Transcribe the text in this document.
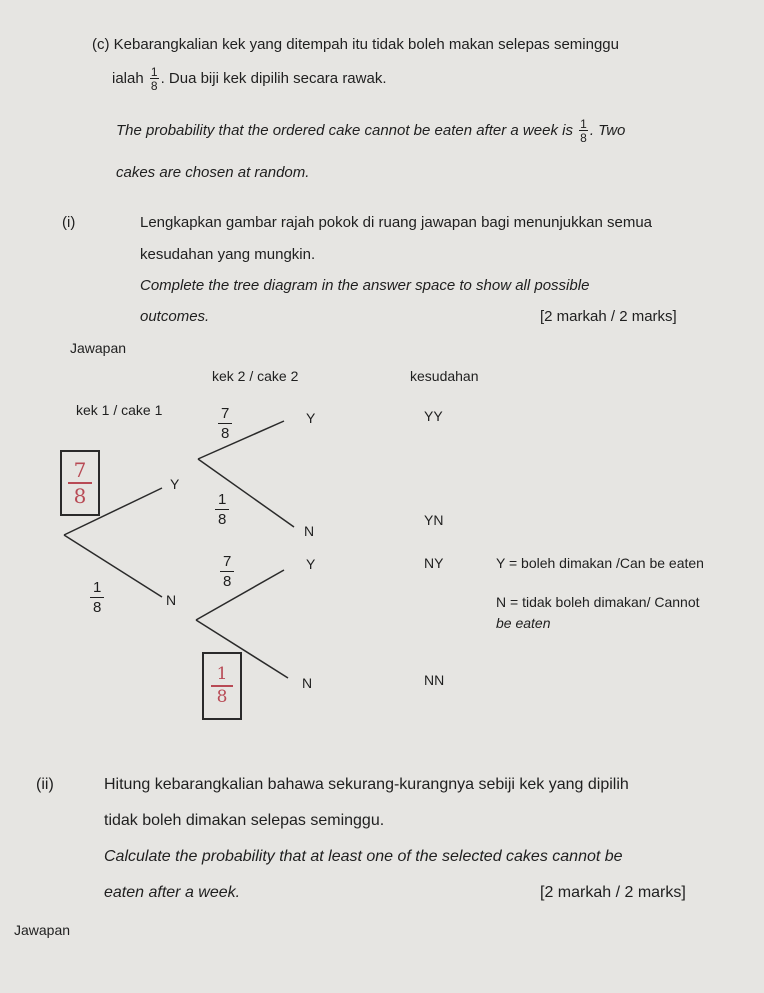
(c) Kebarangkalian kek yang ditempah itu tidak boleh makan selepas seminggu
ialah $\frac{1}{8}$ . Dua biji kek dipilih secara rawak.
The probability that the ordered cake cannot be eaten after a week is $\frac{1}{8}$ . Two
cakes are chosen at random.
(i)	Lengkapkan gambar rajah pokok di ruang jawapan bagi menunjukkan semua
kesudahan yang mungkin.
Complete the tree diagram in the answer space to show all possible
outcomes.	[2 markah / 2 marks]
Jawapan
kek 2 / cake 2	kesudahan
kek 1 / cake 1
$\frac{7}{8}$	Y
$\frac{1}{8}$	N
$\frac{7}{8}$	Y
$\frac{1}{8}$
N
$\frac{7}{8}$	Y
$\frac{1}{8}$	N
YY
YN
NY
NN
Y = boleh dimakan /Can be eaten
N = tidak boleh dimakan/ Cannot
be eaten
(ii)	Hitung kebarangkalian bahawa sekurang-kurangnya sebiji kek yang dipilih
tidak boleh dimakan selepas seminggu.
Calculate the probability that at least one of the selected cakes cannot be
eaten after a week.	[2 markah / 2 marks]
Jawapan
